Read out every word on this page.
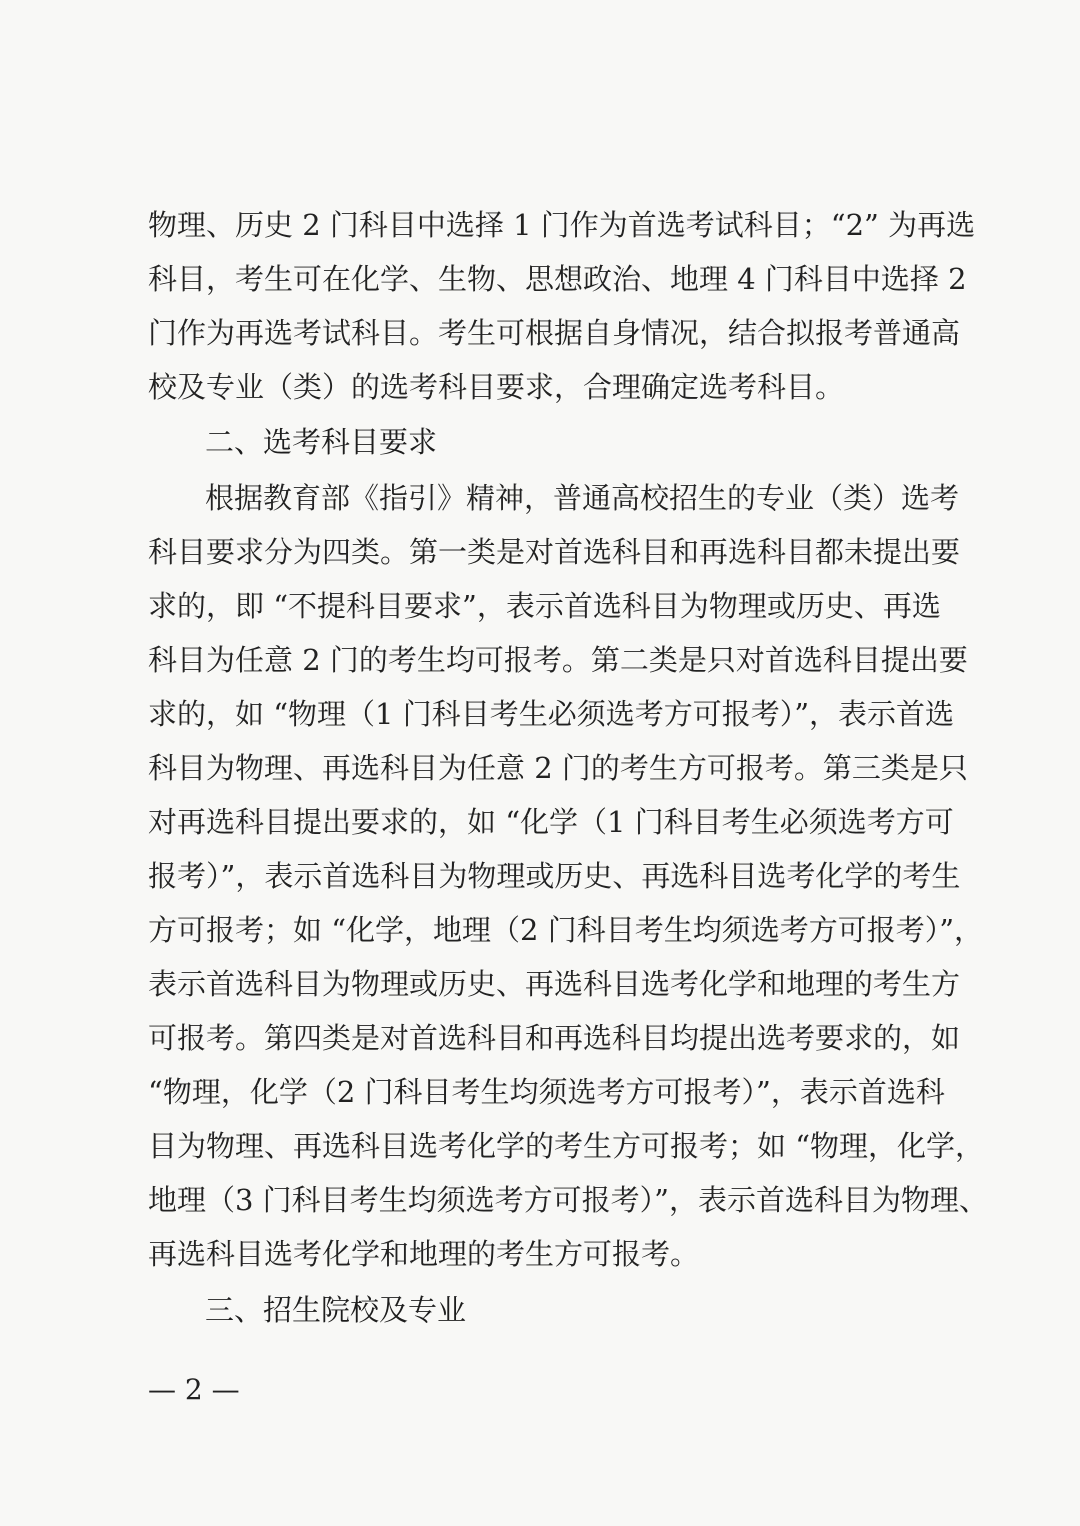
物理、历史 2 门科目中选择 1 门作为首选考试科目；“2” 为再选
科目，考生可在化学、生物、思想政治、地理 4 门科目中选择 2
门作为再选考试科目。考生可根据自身情况，结合拟报考普通高
校及专业（类）的选考科目要求，合理确定选考科目。
二、选考科目要求
根据教育部《指引》精神，普通高校招生的专业（类）选考
科目要求分为四类。第一类是对首选科目和再选科目都未提出要
求的，即 “不提科目要求”，表示首选科目为物理或历史、再选
科目为任意 2 门的考生均可报考。第二类是只对首选科目提出要
求的，如 “物理（1 门科目考生必须选考方可报考）”，表示首选
科目为物理、再选科目为任意 2 门的考生方可报考。第三类是只
对再选科目提出要求的，如 “化学（1 门科目考生必须选考方可
报考）”，表示首选科目为物理或历史、再选科目选考化学的考生
方可报考；如 “化学，地理（2 门科目考生均须选考方可报考）”，
表示首选科目为物理或历史、再选科目选考化学和地理的考生方
可报考。第四类是对首选科目和再选科目均提出选考要求的，如
“物理，化学（2 门科目考生均须选考方可报考）”，表示首选科
目为物理、再选科目选考化学的考生方可报考；如 “物理，化学，
地理（3 门科目考生均须选考方可报考）”，表示首选科目为物理、
再选科目选考化学和地理的考生方可报考。
三、招生院校及专业
— 2 —
